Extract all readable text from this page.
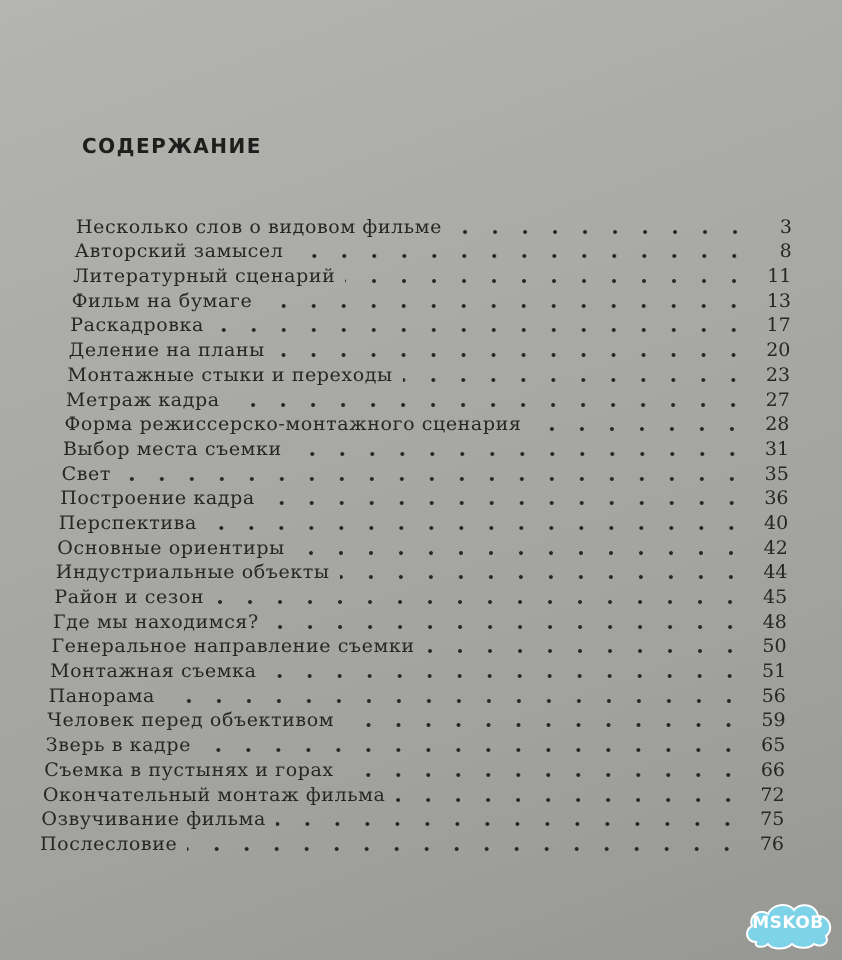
СОДЕРЖАНИЕ
Несколько слов о видовом фильме	3
Авторский замысел	8
Литературный сценарий	11
Фильм на бумаге	13
Раскадровка	17
Деление на планы	20
Монтажные стыки и переходы	23
Метраж кадра	27
Форма режиссерско-монтажного сценария	28
Выбор места съемки	31
Свет	35
Построение кадра	36
Перспектива	40
Основные ориентиры	42
Индустриальные объекты	44
Район и сезон	45
Где мы находимся?	48
Генеральное направление съемки	50
Монтажная съемка	51
Панорама	56
Человек перед объективом	59
Зверь в кадре	65
Съемка в пустынях и горах	66
Окончательный монтаж фильма	72
Озвучивание фильма	75
Послесловие	76
MSKOB
